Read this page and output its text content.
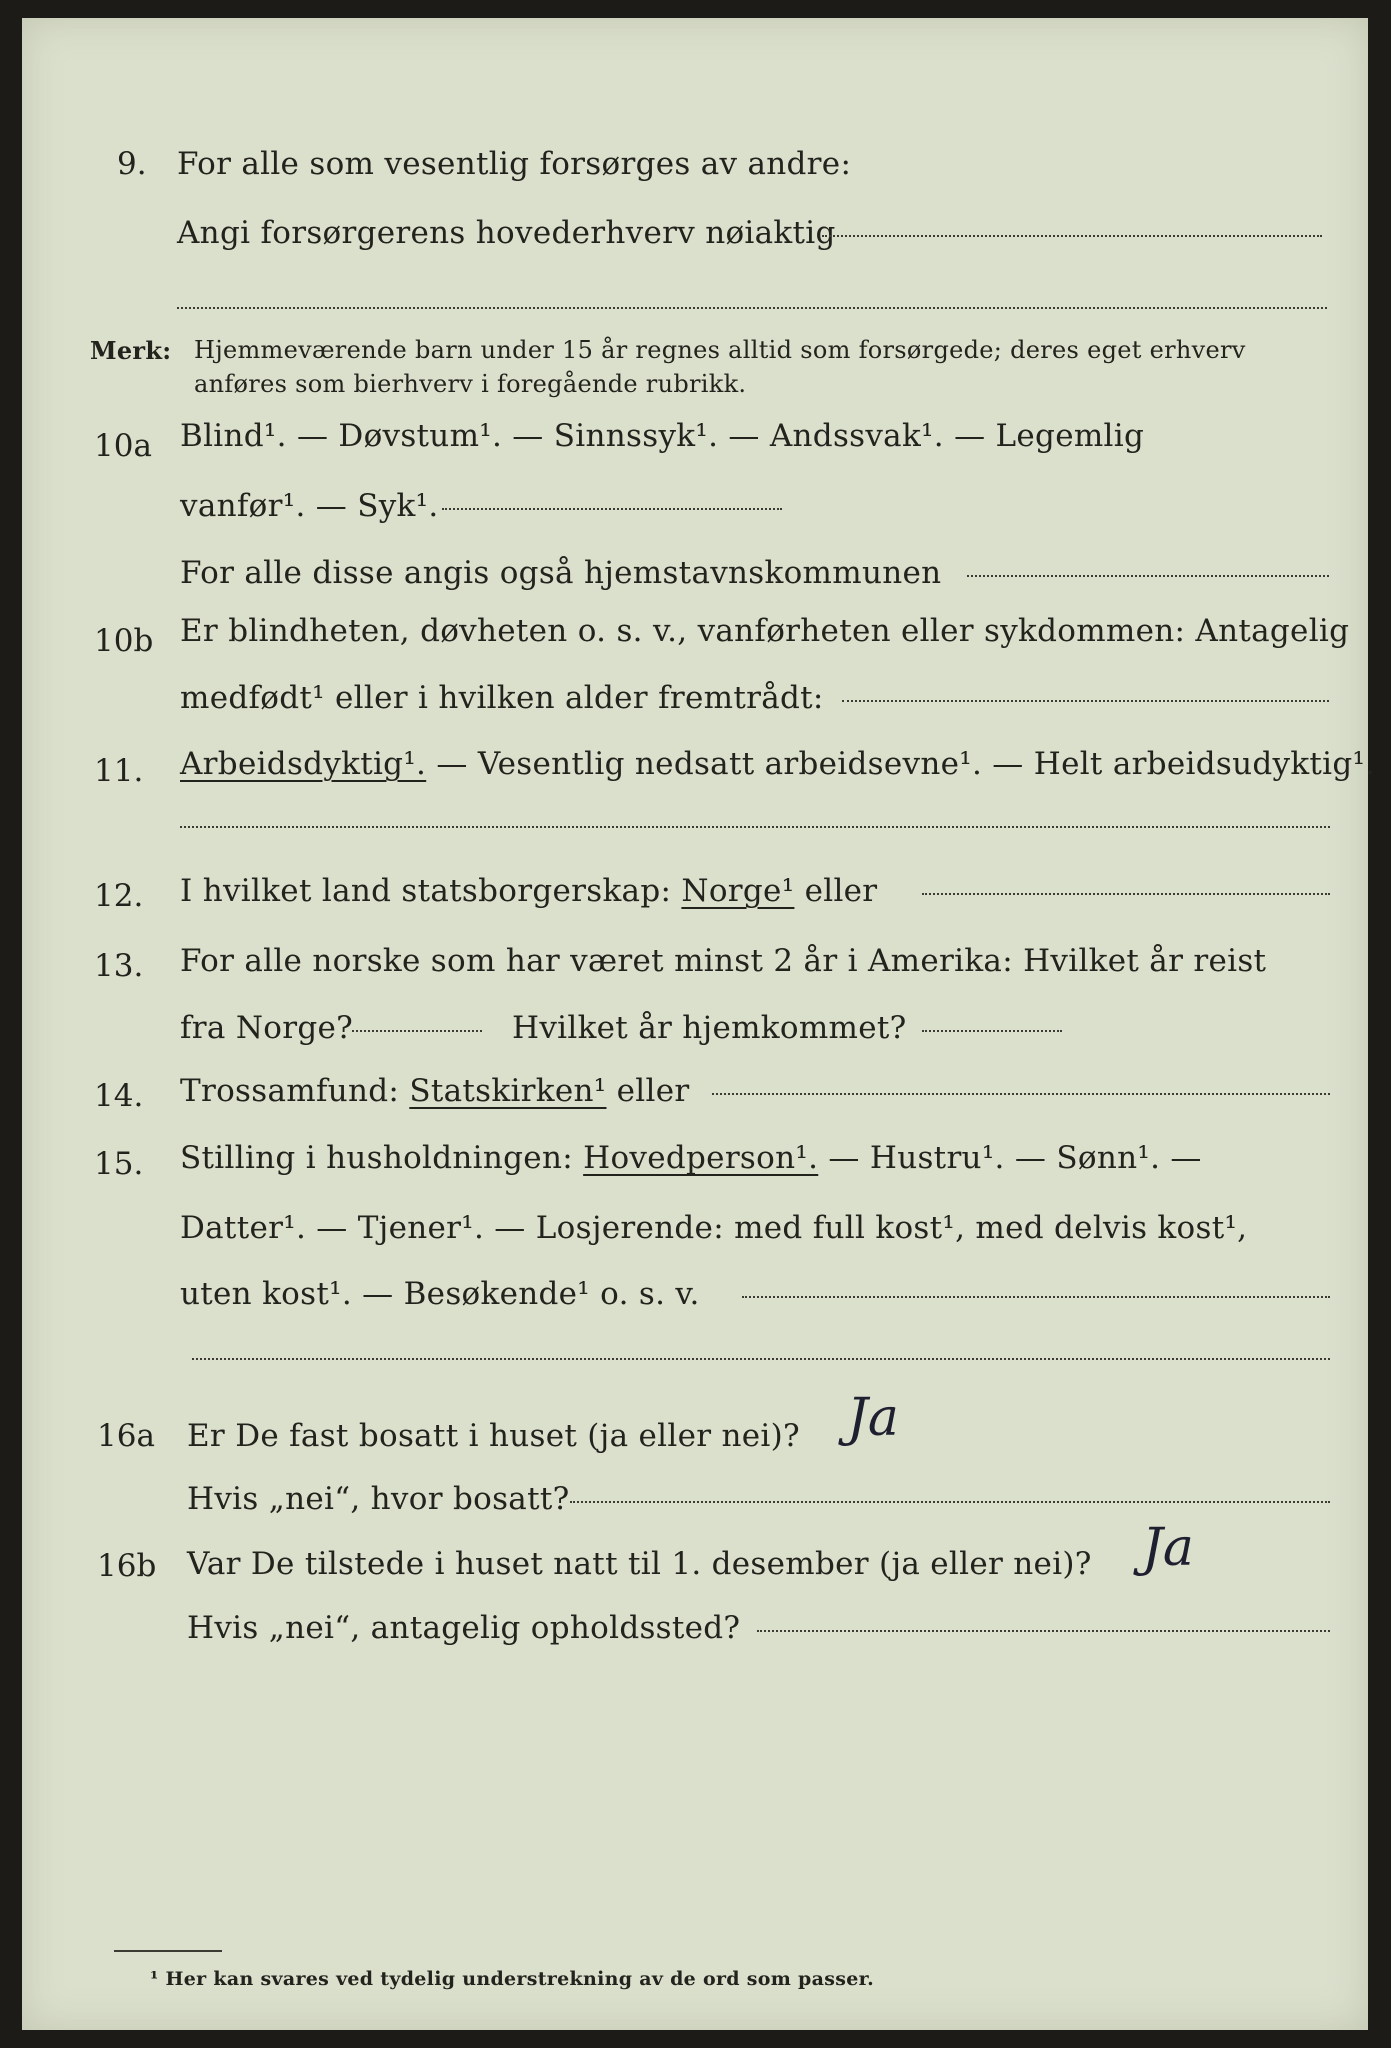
9. For alle som vesentlig forsørges av andre:
Angi forsørgerens hovederhverv nøiaktig
Merk: Hjemmeværende barn under 15 år regnes alltid som forsørgede; deres eget erhverv
anføres som bierhverv i foregående rubrikk.
10a Blind¹. — Døvstum¹. — Sinnssyk¹. — Andssvak¹. — Legemlig
vanfør¹. — Syk¹.
For alle disse angis også hjemstavnskommunen
10b Er blindheten, døvheten o. s. v., vanførheten eller sykdommen: Antagelig
medfødt¹ eller i hvilken alder fremtrådt:
11.	Arbeidsdyktig¹. — Vesentlig nedsatt arbeidsevne¹. — Helt arbeidsudyktig¹.
12.	I hvilket land statsborgerskap: Norge¹ eller
13.	For alle norske som har været minst 2 år i Amerika: Hvilket år reist
fra Norge?	Hvilket år hjemkommet?
14.	Trossamfund: Statskirken¹ eller
15.	Stilling i husholdningen: Hovedperson¹. — Hustru¹. — Sønn¹. —
Datter¹. — Tjener¹. — Losjerende: med full kost¹, med delvis kost¹,
uten kost¹. — Besøkende¹ o. s. v.
16a	Er De fast bosatt i huset (ja eller nei)? Ja
Hvis „nei“, hvor bosatt?
16b Var De tilstede i huset natt til 1. desember (ja eller nei)? Ja
Hvis „nei“, antagelig opholdssted?
¹ Her kan svares ved tydelig understrekning av de ord som passer.
